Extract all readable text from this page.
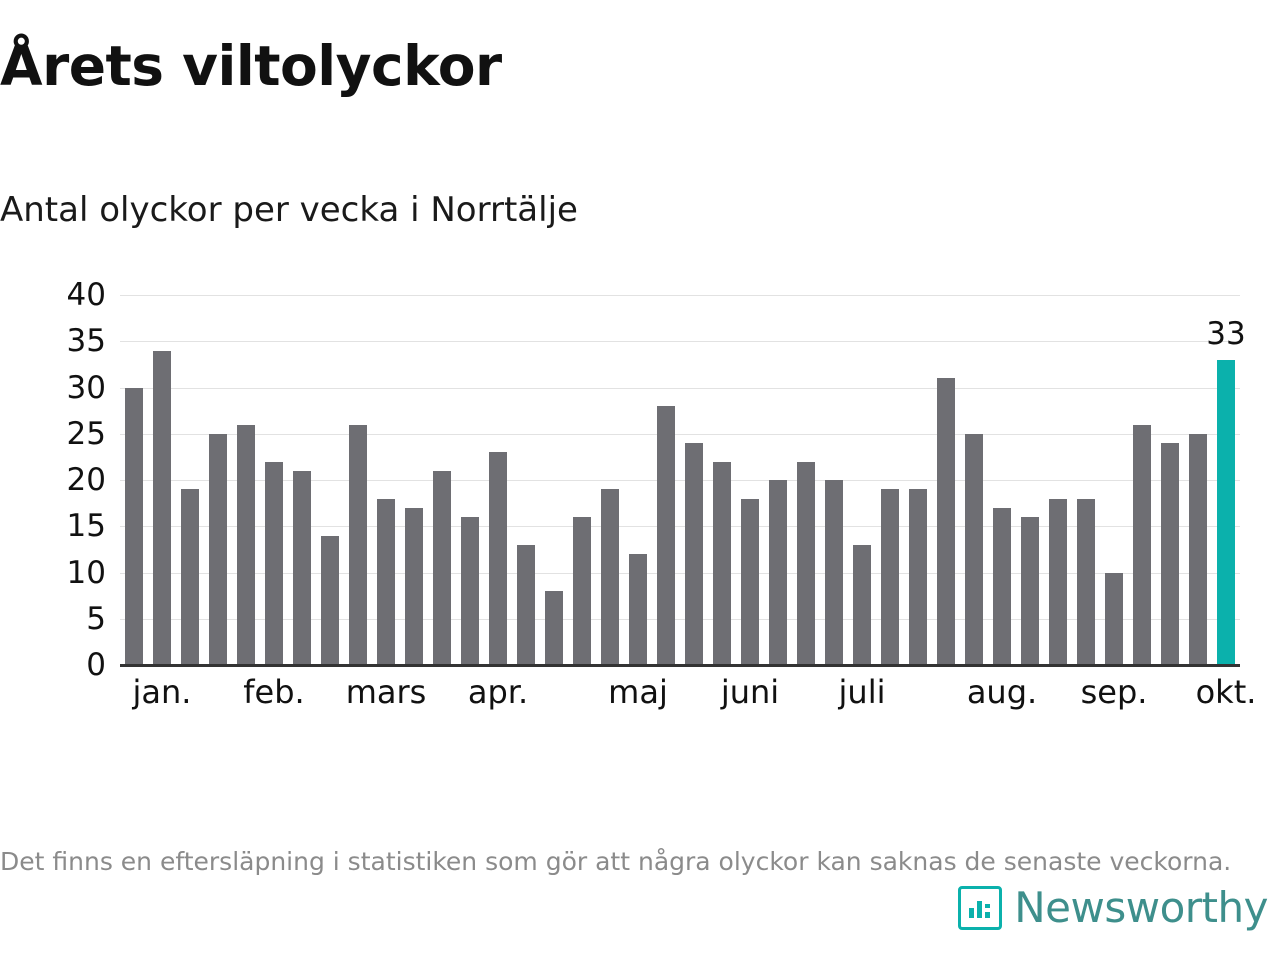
Årets viltolyckor
Antal olyckor per vecka i Norrtälje
0
5
10
15
20
25
30
35
40
33
jan. feb. mars apr.	maj juni juli	aug. sep. okt.
Det finns en eftersläpning i statistiken som gör att några olyckor kan saknas de senaste veckorna.
Newsworthy
